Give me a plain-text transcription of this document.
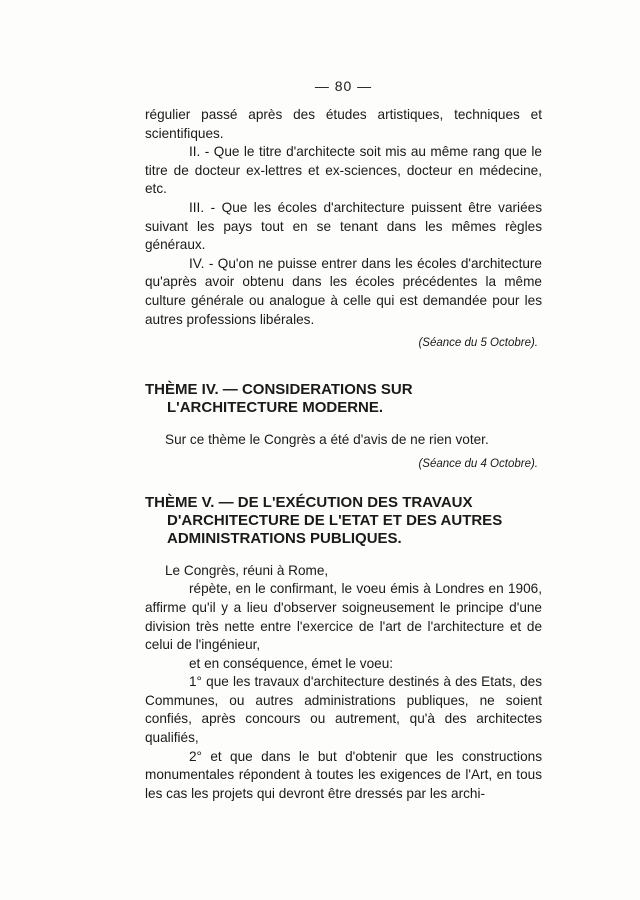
— 80 —

régulier passé après des études artistiques, techniques et scientifiques.

II. - Que le titre d'architecte soit mis au même rang que le titre de docteur ex-lettres et ex-sciences, docteur en médecine, etc.

III. - Que les écoles d'architecture puissent être variées suivant les pays tout en se tenant dans les mêmes règles généraux.

IV. - Qu'on ne puisse entrer dans les écoles d'architecture qu'après avoir obtenu dans les écoles précédentes la même culture générale ou analogue à celle qui est demandée pour les autres professions libérales.

(Séance du 5 Octobre).

THÈME IV. — CONSIDERATIONS SUR L'ARCHITECTURE MODERNE.

Sur ce thème le Congrès a été d'avis de ne rien voter.

(Séance du 4 Octobre).

THÈME V. — DE L'EXÉCUTION DES TRAVAUX D'ARCHITECTURE DE L'ETAT ET DES AUTRES ADMINISTRATIONS PUBLIQUES.

Le Congrès, réuni à Rome,

répète, en le confirmant, le voeu émis à Londres en 1906, affirme qu'il y a lieu d'observer soigneusement le principe d'une division très nette entre l'exercice de l'art de l'architecture et de celui de l'ingénieur,

et en conséquence, émet le voeu:

1° que les travaux d'architecture destinés à des Etats, des Communes, ou autres administrations publiques, ne soient confiés, après concours ou autrement, qu'à des architectes qualifiés,

2° et que dans le but d'obtenir que les constructions monumentales répondent à toutes les exigences de l'Art, en tous les cas les projets qui devront être dressés par les archi-
